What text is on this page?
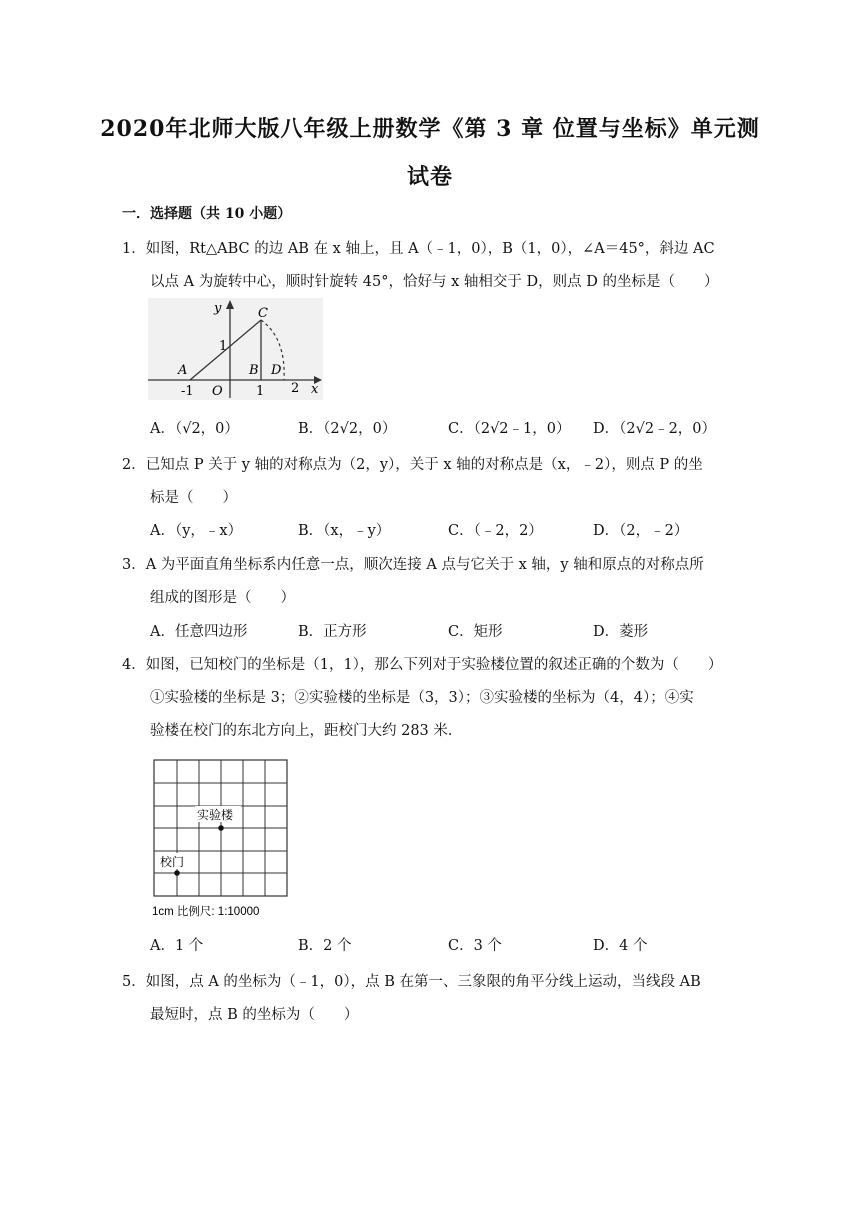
2020年北师大版八年级上册数学《第 3 章 位置与坐标》单元测
试卷
一．选择题（共 10 小题）
1．如图，Rt△ABC 的边 AB 在 x 轴上，且 A（﹣1，0），B（1，0），∠A＝45°，斜边 AC
以点 A 为旋转中心，顺时针旋转 45°，恰好与 x 轴相交于 D，则点 D 的坐标是（　　）
y
x
C
A	B D
1
-1 O	1 2
A．（√2，0）	B．（2√2，0）	C．（2√2﹣1，0） D．（2√2﹣2，0）
2．已知点 P 关于 y 轴的对称点为（2，y），关于 x 轴的对称点是（x，﹣2），则点 P 的坐
标是（　　）
A．（y，﹣x）	B．（x，﹣y）	C．（﹣2，2）	D．（2，﹣2）
3．A 为平面直角坐标系内任意一点，顺次连接 A 点与它关于 x 轴，y 轴和原点的对称点所
组成的图形是（　　）
A．任意四边形	B．正方形	C．矩形	D．菱形
4．如图，已知校门的坐标是（1，1），那么下列对于实验楼位置的叙述正确的个数为（　　）
①实验楼的坐标是 3；②实验楼的坐标是（3，3）；③实验楼的坐标为（4，4）；④实
验楼在校门的东北方向上，距校门大约 283 米．
实验楼
校门
1cm 比例尺: 1:10000
A．1 个	B．2 个	C．3 个	D．4 个
5．如图，点 A 的坐标为（﹣1，0），点 B 在第一、三象限的角平分线上运动，当线段 AB
最短时，点 B 的坐标为（　　）
